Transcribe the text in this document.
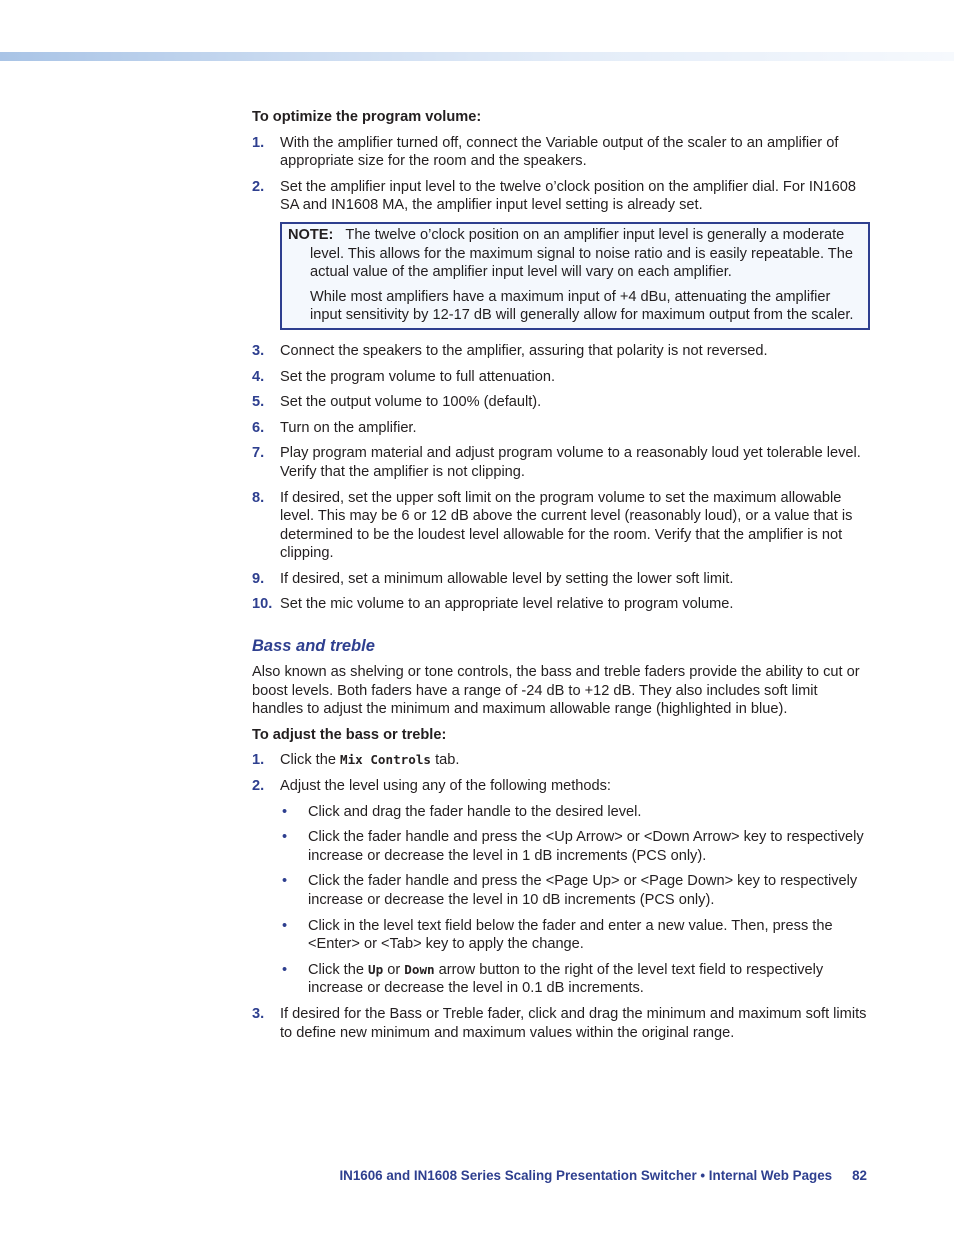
To optimize the program volume:
1. With the amplifier turned off, connect the Variable output of the scaler to an amplifier of appropriate size for the room and the speakers.
2. Set the amplifier input level to the twelve o’clock position on the amplifier dial. For IN1608 SA and IN1608 MA, the amplifier input level setting is already set.

NOTE: The twelve o’clock position on an amplifier input level is generally a moderate level. This allows for the maximum signal to noise ratio and is easily repeatable. The actual value of the amplifier input level will vary on each amplifier.

While most amplifiers have a maximum input of +4 dBu, attenuating the amplifier input sensitivity by 12-17 dB will generally allow for maximum output from the scaler.

3. Connect the speakers to the amplifier, assuring that polarity is not reversed.
4. Set the program volume to full attenuation.
5. Set the output volume to 100% (default).
6. Turn on the amplifier.
7. Play program material and adjust program volume to a reasonably loud yet tolerable level. Verify that the amplifier is not clipping.
8. If desired, set the upper soft limit on the program volume to set the maximum allowable level. This may be 6 or 12 dB above the current level (reasonably loud), or a value that is determined to be the loudest level allowable for the room. Verify that the amplifier is not clipping.
9. If desired, set a minimum allowable level by setting the lower soft limit.
10. Set the mic volume to an appropriate level relative to program volume.
Bass and treble

Also known as shelving or tone controls, the bass and treble faders provide the ability to cut or boost levels. Both faders have a range of -24 dB to +12 dB. They also includes soft limit handles to adjust the minimum and maximum allowable range (highlighted in blue).

To adjust the bass or treble:
1. Click the Mix Controls tab.
2. Adjust the level using any of the following methods:
• Click and drag the fader handle to the desired level.
• Click the fader handle and press the <Up Arrow> or <Down Arrow> key to respectively increase or decrease the level in 1 dB increments (PCS only).
• Click the fader handle and press the <Page Up> or <Page Down> key to respectively increase or decrease the level in 10 dB increments (PCS only).
• Click in the level text field below the fader and enter a new value. Then, press the <Enter> or <Tab> key to apply the change.
• Click the Up or Down arrow button to the right of the level text field to respectively increase or decrease the level in 0.1 dB increments.
3. If desired for the Bass or Treble fader, click and drag the minimum and maximum soft limits to define new minimum and maximum values within the original range.
IN1606 and IN1608 Series Scaling Presentation Switcher • Internal Web Pages 82
